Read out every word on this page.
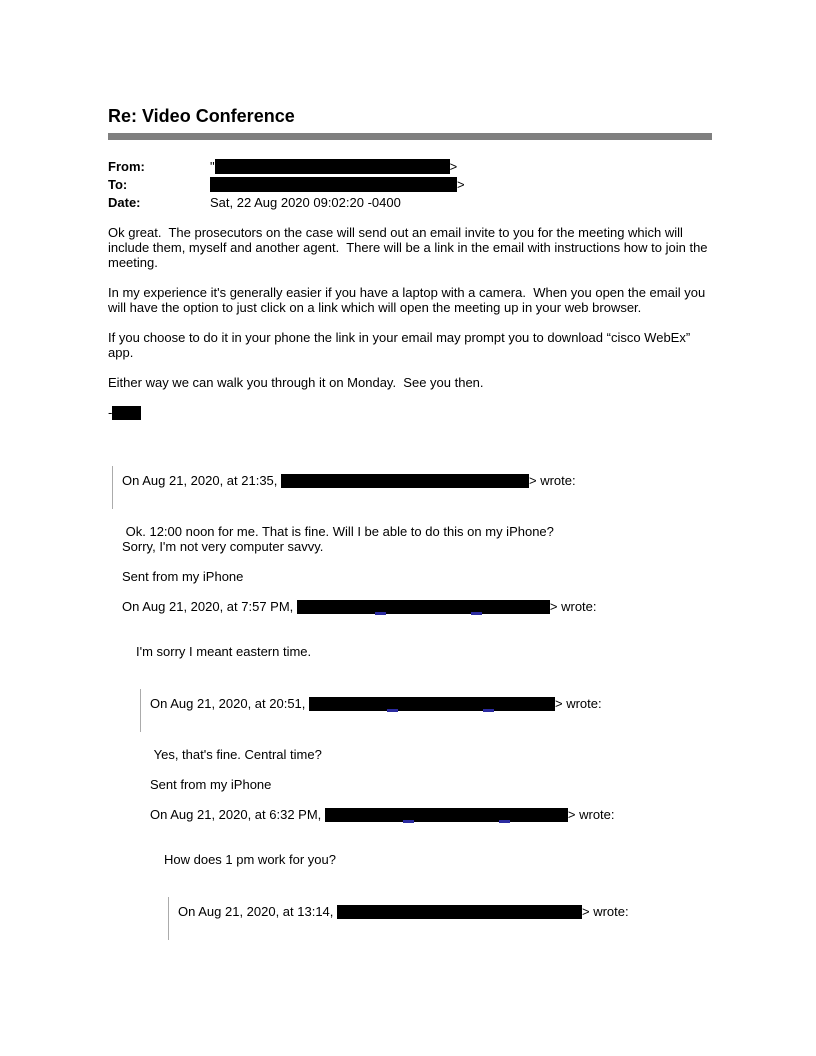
Re: Video Conference
From:	"	>
To:	>
Date:	Sat, 22 Aug 2020 09:02:20 -0400

Ok great.  The prosecutors on the case will send out an email invite to you for the meeting which will include them, myself and another agent.  There will be a link in the email with instructions how to join the meeting.

In my experience it's generally easier if you have a laptop with a camera.  When you open the email you will have the option to just click on a link which will open the meeting up in your web browser.

If you choose to do it in your phone the link in your email may prompt you to download “cisco WebEx” app.

Either way we can walk you through it on Monday.  See you then.

-

On Aug 21, 2020, at 21:35,	> wrote:

Ok. 12:00 noon for me. That is fine. Will I be able to do this on my iPhone?
Sorry, I'm not very computer savvy.

Sent from my iPhone

On Aug 21, 2020, at 7:57 PM,	> wrote:

I'm sorry I meant eastern time.

On Aug 21, 2020, at 20:51,	> wrote:

Yes, that's fine. Central time?

Sent from my iPhone

On Aug 21, 2020, at 6:32 PM,	> wrote:

How does 1 pm work for you?

On Aug 21, 2020, at 13:14,	> wrote:
